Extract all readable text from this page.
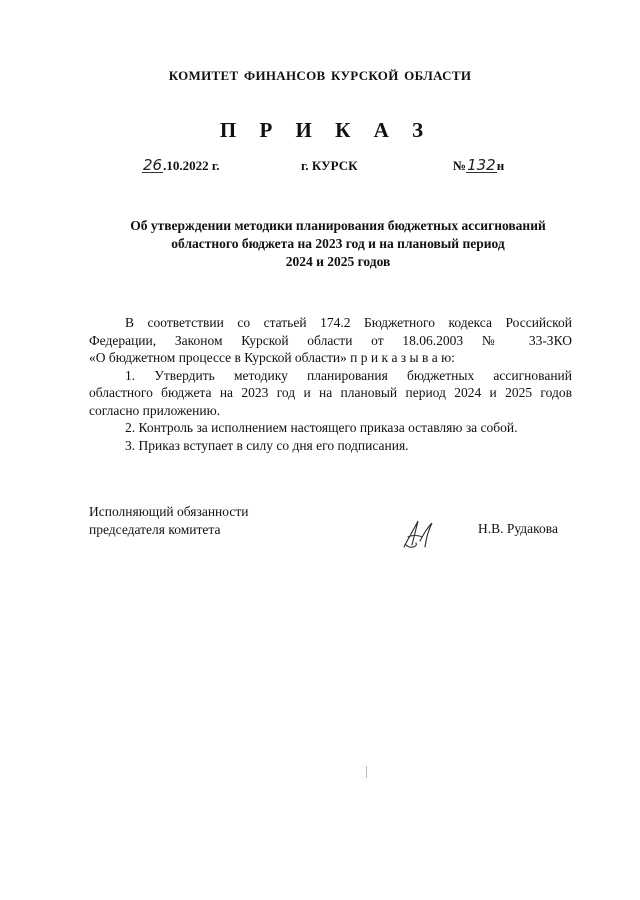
КОМИТЕТ ФИНАНСОВ КУРСКОЙ ОБЛАСТИ
П Р И К А З
26.10.2022 г.	г. КУРСК	№132н
Об утверждении методики планирования бюджетных ассигнований
областного бюджета на 2023 год и на плановый период
2024 и 2025 годов
В соответствии со статьей 174.2 Бюджетного кодекса Российской
Федерации, Законом Курской области от 18.06.2003 № 33-ЗКО
«О бюджетном процессе в Курской области» п р и к а з ы в а ю:
1. Утвердить методику планирования бюджетных ассигнований
областного бюджета на 2023 год и на плановый период 2024 и 2025 годов
согласно приложению.
2. Контроль за исполнением настоящего приказа оставляю за собой.
3. Приказ вступает в силу со дня его подписания.
Исполняющий обязанности
председателя комитета	Н.В. Рудакова
